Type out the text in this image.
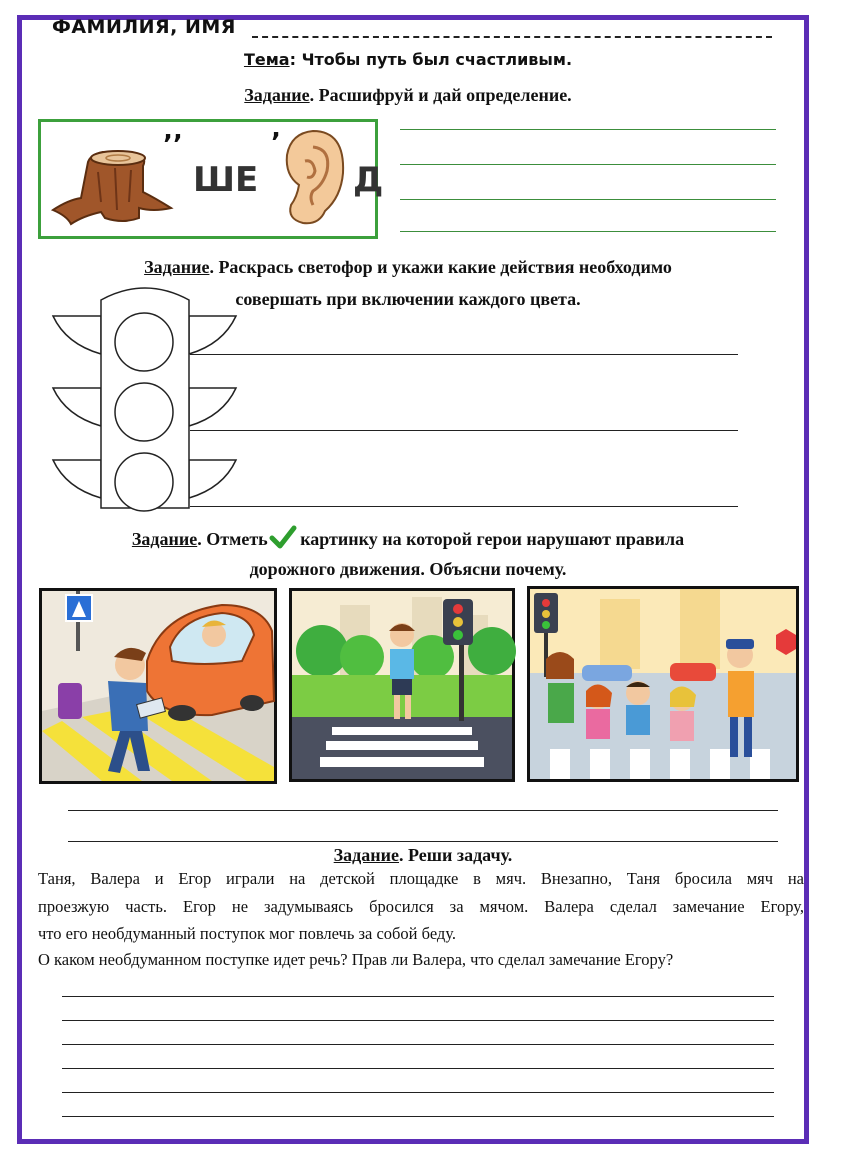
ФАМИЛИЯ, ИМЯ
Тема: Чтобы путь был счастливым.
Задание. Расшифруй и дай определение.
’’
ШЕ
’
Д
Задание. Раскрась светофор и укажи какие действия необходимо
совершать при включении каждого цвета.
Задание. Отметь картинку на которой герои нарушают правила
дорожного движения. Объясни почему.
Задание. Реши задачу.
Таня, Валера и Егор играли на детской площадке в мяч. Внезапно, Таня бросила мяч на
проезжую часть. Егор не задумываясь бросился за мячом. Валера сделал замечание Егору,
что его необдуманный поступок мог повлечь за собой беду.
О каком необдуманном поступке идет речь? Прав ли Валера, что сделал замечание Егору?
